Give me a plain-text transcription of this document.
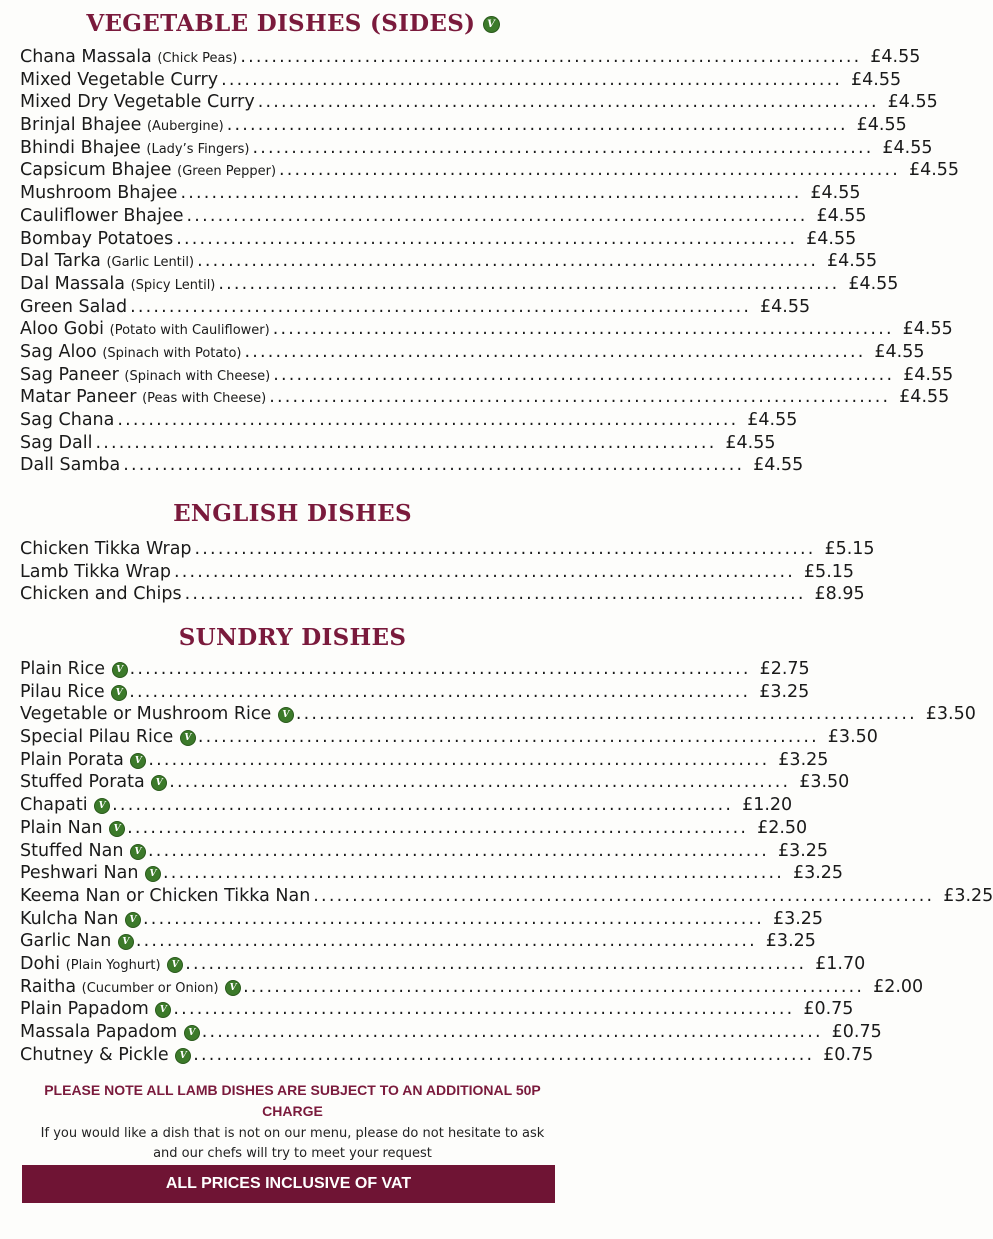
VEGETABLE DISHES (SIDES) V
Chana Massala (Chick Peas) ................................................................................ £4.55
Mixed Vegetable Curry ................................................................................ £4.55
Mixed Dry Vegetable Curry ................................................................................ £4.55
Brinjal Bhajee (Aubergine) ................................................................................ £4.55
Bhindi Bhajee (Lady’s Fingers) ................................................................................ £4.55
Capsicum Bhajee (Green Pepper) ................................................................................ £4.55
Mushroom Bhajee ................................................................................ £4.55
Cauliflower Bhajee ................................................................................ £4.55
Bombay Potatoes ................................................................................ £4.55
Dal Tarka (Garlic Lentil) ................................................................................ £4.55
Dal Massala (Spicy Lentil) ................................................................................ £4.55
Green Salad ................................................................................ £4.55
Aloo Gobi (Potato with Cauliflower) ................................................................................ £4.55
Sag Aloo (Spinach with Potato) ................................................................................ £4.55
Sag Paneer (Spinach with Cheese) ................................................................................ £4.55
Matar Paneer (Peas with Cheese) ................................................................................ £4.55
Sag Chana ................................................................................ £4.55
Sag Dall ................................................................................ £4.55
Dall Samba ................................................................................ £4.55
ENGLISH DISHES
Chicken Tikka Wrap ................................................................................ £5.15
Lamb Tikka Wrap ................................................................................ £5.15
Chicken and Chips ................................................................................ £8.95
SUNDRY DISHES
Plain Rice V ................................................................................ £2.75
Pilau Rice V ................................................................................ £3.25
Vegetable or Mushroom Rice V ................................................................................ £3.50
Special Pilau Rice V ................................................................................ £3.50
Plain Porata V ................................................................................ £3.25
Stuffed Porata V ................................................................................ £3.50
Chapati V ................................................................................ £1.20
Plain Nan V ................................................................................ £2.50
Stuffed Nan V ................................................................................ £3.25
Peshwari Nan V ................................................................................ £3.25
Keema Nan or Chicken Tikka Nan ................................................................................ £3.25
Kulcha Nan V ................................................................................ £3.25
Garlic Nan V ................................................................................ £3.25
Dohi (Plain Yoghurt) V ................................................................................ £1.70
Raitha (Cucumber or Onion) V ................................................................................ £2.00
Plain Papadom V ................................................................................ £0.75
Massala Papadom V ................................................................................ £0.75
Chutney & Pickle V ................................................................................ £0.75
PLEASE NOTE ALL LAMB DISHES ARE SUBJECT TO AN ADDITIONAL 50P
CHARGE
If you would like a dish that is not on our menu, please do not hesitate to ask
and our chefs will try to meet your request
ALL PRICES INCLUSIVE OF VAT
